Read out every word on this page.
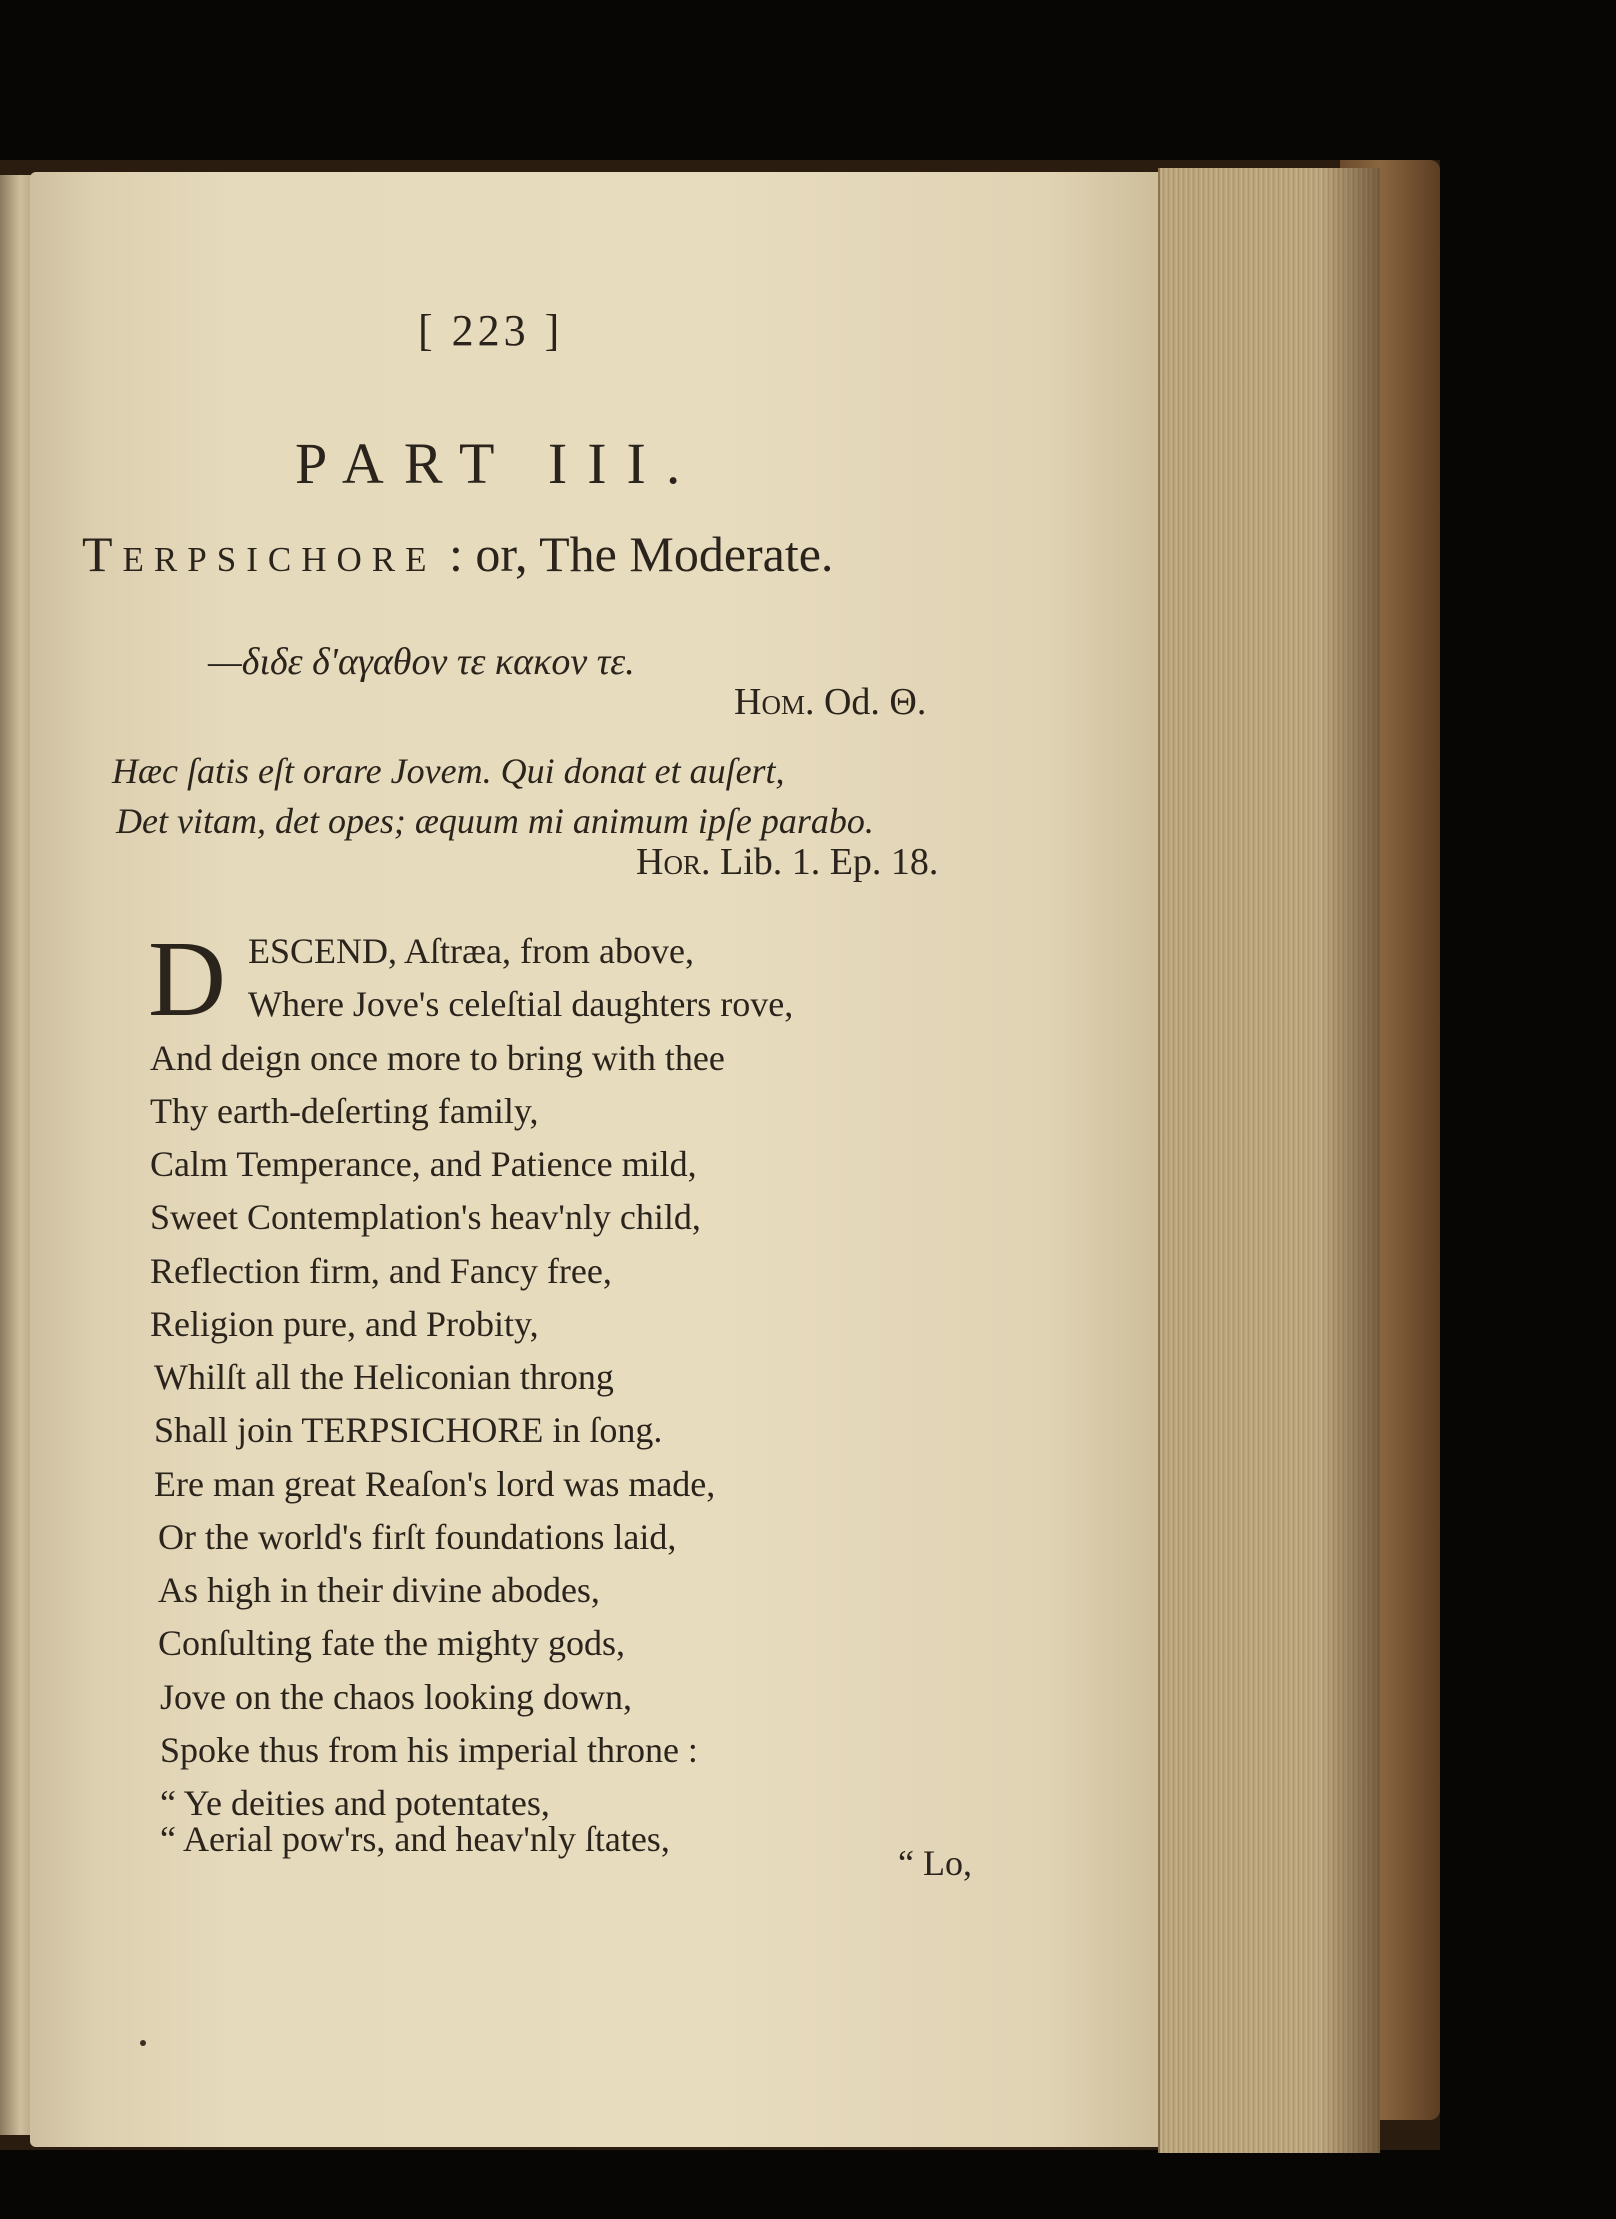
[ 223 ]
PART III.
Terpsichore : or, The Moderate.
—διδε δ'αγαθον τε κακον τε.
Hom. Od. Θ.
Hæc ſatis eſt orare Jovem. Qui donat et auſert,
Det vitam, det opes; æquum mi animum ipſe parabo.
Hor. Lib. 1. Ep. 18.
D ESCEND, Aſtræa, from above,
Where Jove's celeſtial daughters rove,
And deign once more to bring with thee
Thy earth-deſerting family,
Calm Temperance, and Patience mild,
Sweet Contemplation's heav'nly child,
Reflection firm, and Fancy free,
Religion pure, and Probity,
Whilſt all the Heliconian throng
Shall join TERPSICHORE in ſong.
Ere man great Reaſon's lord was made,
Or the world's firſt foundations laid,
As high in their divine abodes,
Conſulting fate the mighty gods,
Jove on the chaos looking down,
Spoke thus from his imperial throne :
“ Ye deities and potentates,
“ Aerial pow'rs, and heav'nly ſtates,
“ Lo,
